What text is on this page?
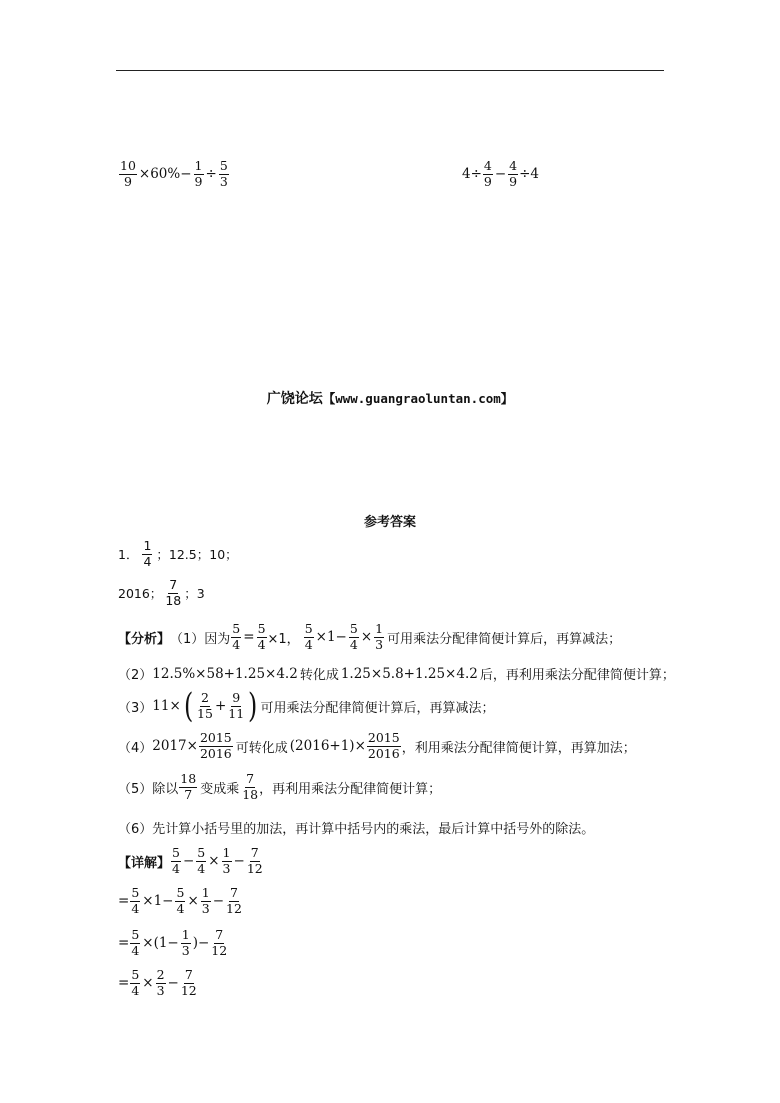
$\frac{10}{9} \times 60\%- \frac{1}{9} \div \frac{5}{3}$	$4\div \frac{4}{9} - \frac{4}{9} \div 4$
广饶论坛【www.guangraoluntan.com】
参考答案
1． $\frac{1}{4}$ ；12.5；10；
2016； $\frac{7}{18}$ ；3
【分析】 （1）因为 $\frac{5}{4} = \frac{5}{4} \times 1$， $\frac{5}{4} \times 1- \frac{5}{4} \times \frac{1}{3}$ 可用乘法分配律简便计算后，再算减法；
（2） 12.5%×58+1.25×4.2 转化成 1.25×5.8+1.25×4.2 后，再利用乘法分配律简便计算；
（3） 11× ( $\frac{2}{15} + \frac{9}{11}$ ) 可用乘法分配律简便计算后，再算减法；
（4） $2017\times \frac{2015}{2016}$ 可转化成 $(2016+1)\times \frac{2015}{2016}$ ，利用乘法分配律简便计算，再算加法；
（5）除以 $\frac{18}{7}$ 变成乘 $\frac{7}{18}$ ，再利用乘法分配律简便计算；
（6）先计算小括号里的加法，再计算中括号内的乘法，最后计算中括号外的除法。
【详解】 $\frac{5}{4} - \frac{5}{4} \times \frac{1}{3} - \frac{7}{12}$
= $\frac{5}{4} \times 1- \frac{5}{4} \times \frac{1}{3} - \frac{7}{12}$
= $\frac{5}{4} \times(1- \frac{1}{3}$ )− $\frac{7}{12}$
= $\frac{5}{4} \times \frac{2}{3} - \frac{7}{12}$
